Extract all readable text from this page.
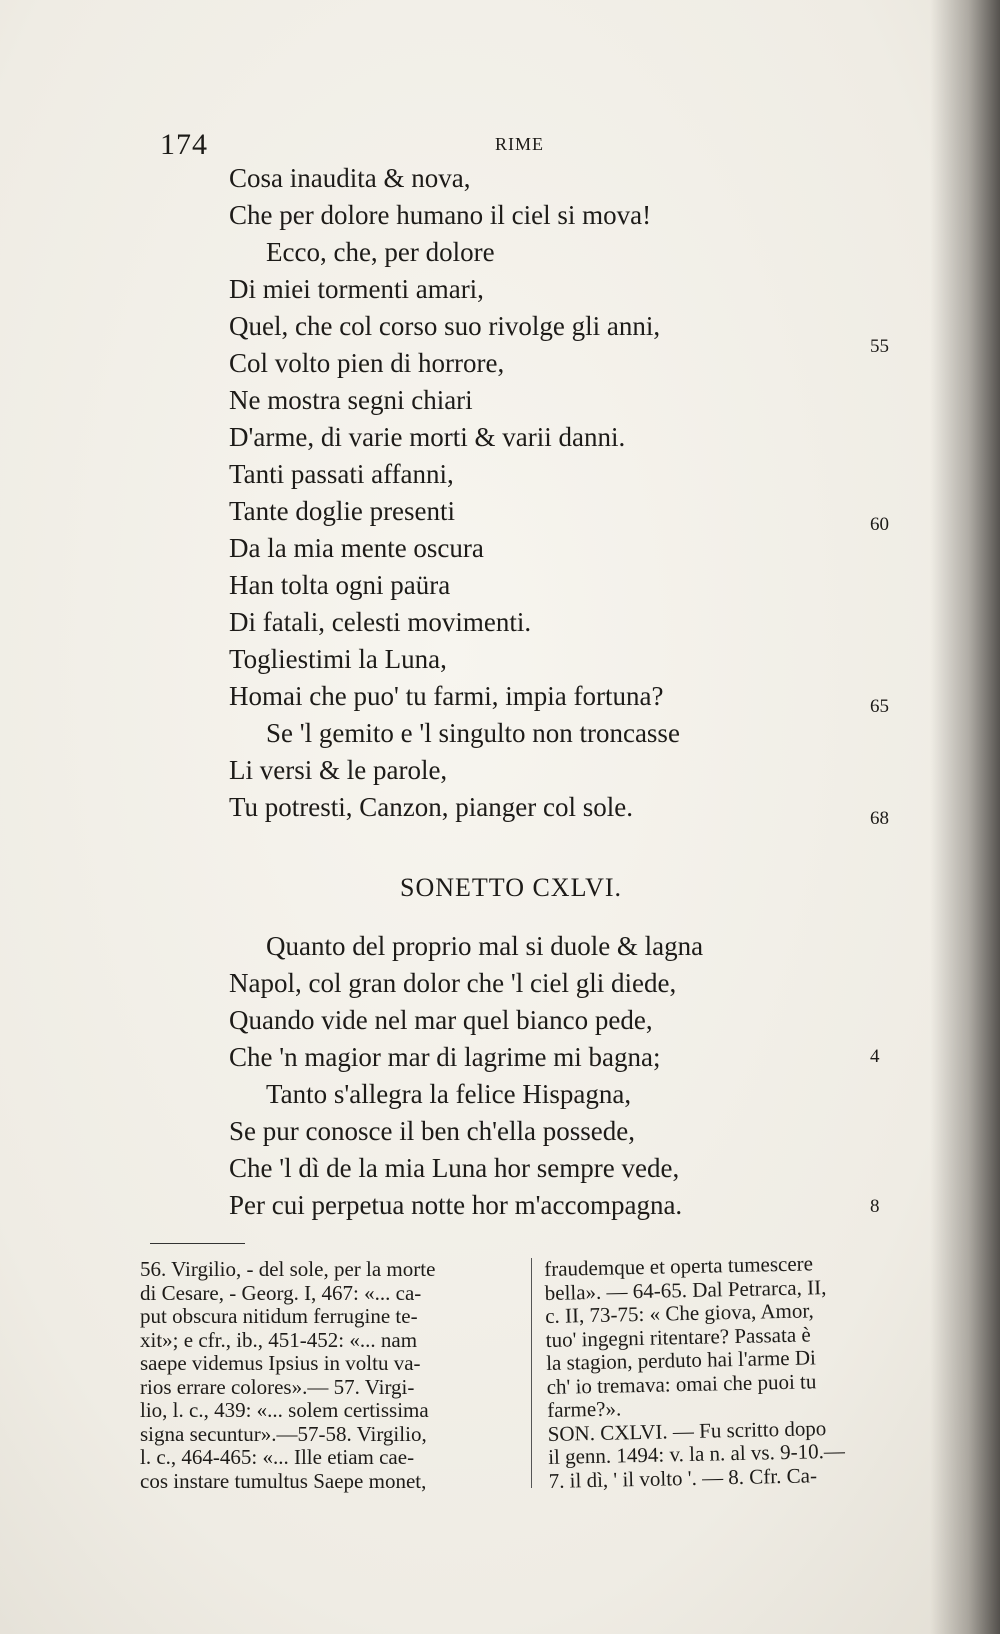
174	RIME
Cosa inaudita & nova,
Che per dolore humano il ciel si mova!
Ecco, che, per dolore
Di miei tormenti amari,
Quel, che col corso suo rivolge gli anni,
Col volto pien di horrore,
Ne mostra segni chiari
D'arme, di varie morti & varii danni.
Tanti passati affanni,
Tante doglie presenti
Da la mia mente oscura
Han tolta ogni paüra
Di fatali, celesti movimenti.
Togliestimi la Luna,
Homai che puo' tu farmi, impia fortuna?
Se 'l gemito e 'l singulto non troncasse
Li versi & le parole,
Tu potresti, Canzon, pianger col sole.
55
60
65
68
SONETTO CXLVI.
Quanto del proprio mal si duole & lagna
Napol, col gran dolor che 'l ciel gli diede,
Quando vide nel mar quel bianco pede,
Che 'n magior mar di lagrime mi bagna;
Tanto s'allegra la felice Hispagna,
Se pur conosce il ben ch'ella possede,
Che 'l dì de la mia Luna hor sempre vede,
Per cui perpetua notte hor m'accompagna.
4
8
56. Virgilio, - del sole, per la morte
di Cesare, - Georg. I, 467: «... ca-
put obscura nitidum ferrugine te-
xit»; e cfr., ib., 451-452: «... nam
saepe videmus Ipsius in voltu va-
rios errare colores».— 57. Virgi-
lio, l. c., 439: «... solem certissima
signa secuntur».—57-58. Virgilio,
l. c., 464-465: «... Ille etiam cae-
cos instare tumultus Saepe monet,
fraudemque et operta tumescere
bella». — 64-65. Dal Petrarca, II,
c. II, 73-75: « Che giova, Amor,
tuo' ingegni ritentare? Passata è
la stagion, perduto hai l'arme Di
ch' io tremava: omai che puoi tu
farme?».
SON. CXLVI. — Fu scritto dopo
il genn. 1494: v. la n. al vs. 9-10.—
7. il dì, ' il volto '. — 8. Cfr. Ca-
